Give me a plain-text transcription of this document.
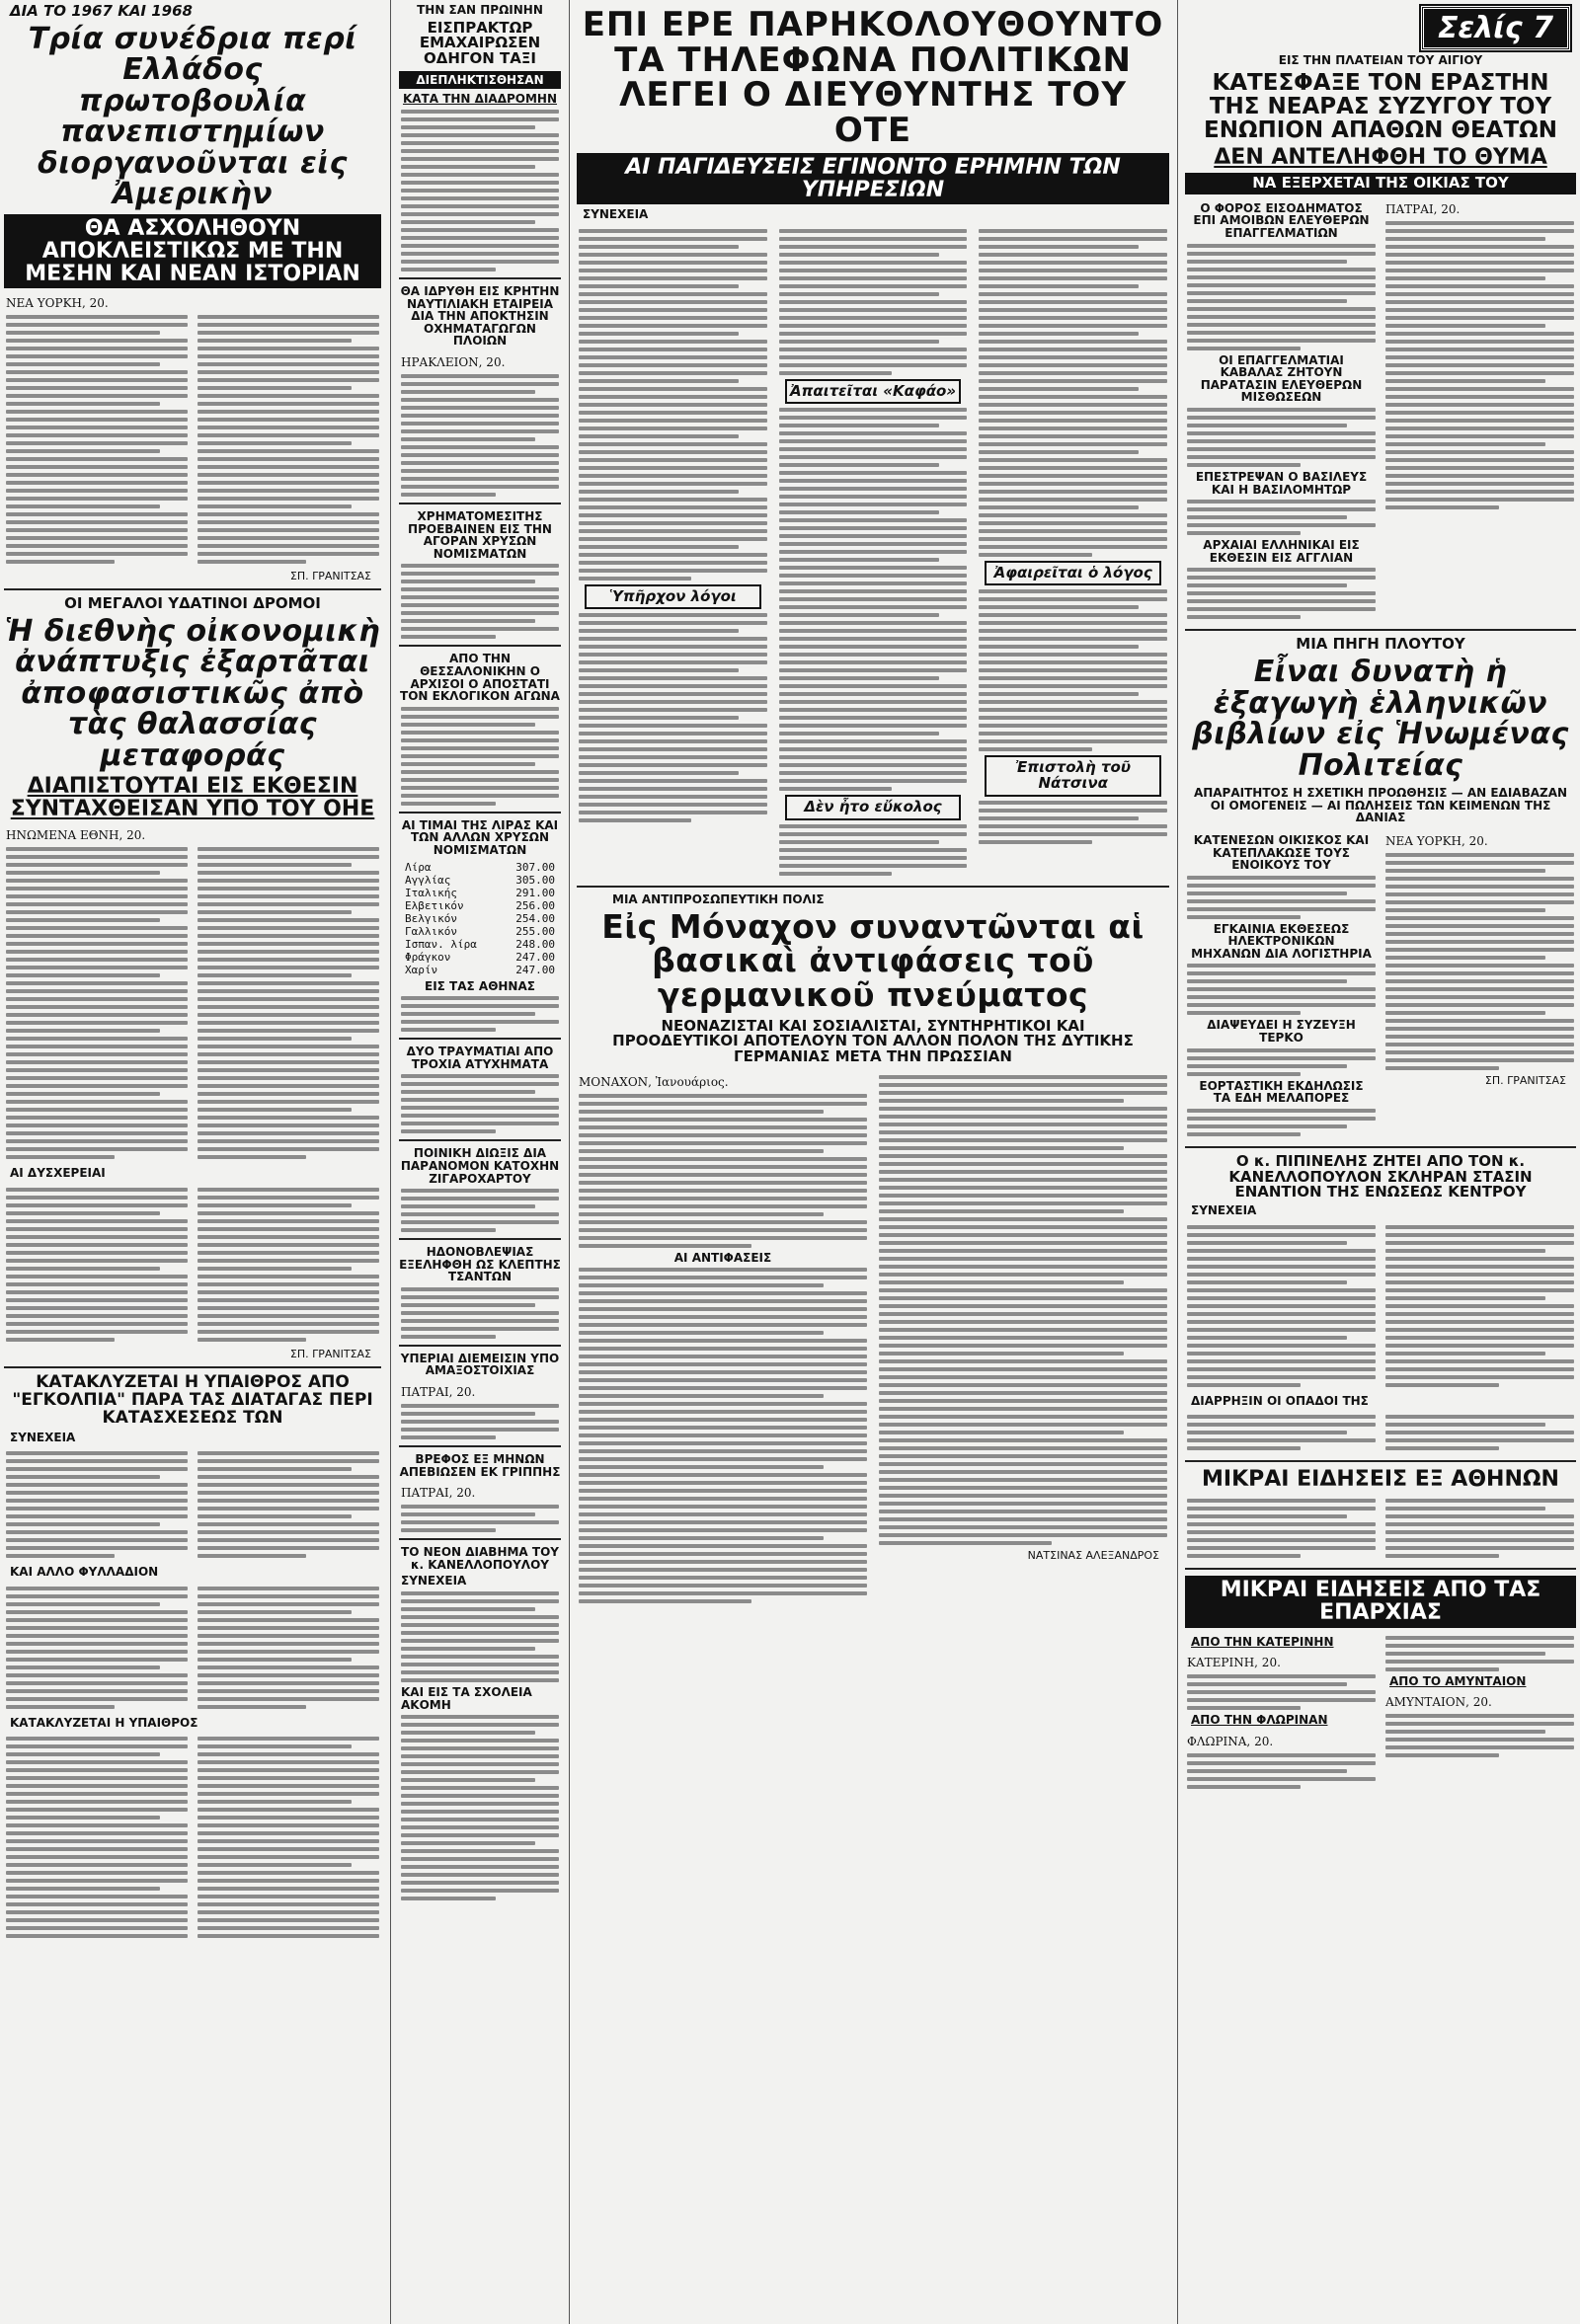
ΔΙΑ ΤΟ 1967 ΚΑΙ 1968
Τρία συνέδρια περί Ελλάδος πρωτοβουλία πανεπιστημίων διοργανοῦνται εἰς Ἀμερικὴν
ΘΑ ΑΣΧΟΛΗΘΟΥΝ ΑΠΟΚΛΕΙΣΤΙΚΩΣ ΜΕ ΤΗΝ ΜΕΣΗΝ ΚΑΙ ΝΕΑΝ ΙΣΤΟΡΙΑΝ
ΝΕΑ ΥΟΡΚΗ, 20.
ΣΠ. ΓΡΑΝΙΤΣΑΣ
ΟΙ ΜΕΓΑΛΟΙ ΥΔΑΤΙΝΟΙ ΔΡΟΜΟΙ
Ἡ διεθνὴς οἰκονομικὴ ἀνάπτυξις ἐξαρτᾶται ἀποφασιστικῶς ἀπὸ τὰς θαλασσίας μεταφοράς
ΔΙΑΠΙΣΤΟΥΤΑΙ ΕΙΣ ΕΚΘΕΣΙΝ ΣΥΝΤΑΧΘΕΙΣΑΝ ΥΠΟ ΤΟΥ ΟΗΕ
ΗΝΩΜΕΝΑ ΕΘΝΗ, 20.
ΑΙ ΔΥΣΧΕΡΕΙΑΙ
ΣΠ. ΓΡΑΝΙΤΣΑΣ
ΚΑΤΑΚΛΥΖΕΤΑΙ Η ΥΠΑΙΘΡΟΣ ΑΠΟ "ΕΓΚΟΛΠΙΑ" ΠΑΡΑ ΤΑΣ ΔΙΑΤΑΓΑΣ ΠΕΡΙ ΚΑΤΑΣΧΕΣΕΩΣ ΤΩΝ
ΣΥΝΕΧΕΙΑ
ΚΑΙ ΑΛΛΟ ΦΥΛΛΑΔΙΟΝ
ΚΑΤΑΚΛΥΖΕΤΑΙ Η ΥΠΑΙΘΡΟΣ
ΤΗΝ ΣΑΝ ΠΡΩΙΝΗΝ
ΕΙΣΠΡΑΚΤΩΡ ΕΜΑΧΑΙΡΩΣΕΝ ΟΔΗΓΟΝ ΤΑΞΙ
ΔΙΕΠΛΗΚΤΙΣΘΗΣΑΝ
ΚΑΤΑ ΤΗΝ ΔΙΑΔΡΟΜΗΝ
ΘΑ ΙΔΡΥΘΗ ΕΙΣ ΚΡΗΤΗΝ ΝΑΥΤΙΛΙΑΚΗ ΕΤΑΙΡΕΙΑ ΔΙΑ ΤΗΝ ΑΠΟΚΤΗΣΙΝ ΟΧΗΜΑΤΑΓΩΓΩΝ ΠΛΟΙΩΝ
ΗΡΑΚΛΕΙΟΝ, 20.
ΧΡΗΜΑΤΟΜΕΣΙΤΗΣ ΠΡΟΕΒΑΙΝΕΝ ΕΙΣ ΤΗΝ ΑΓΟΡΑΝ ΧΡΥΣΩΝ ΝΟΜΙΣΜΑΤΩΝ
ΑΠΟ ΤΗΝ ΘΕΣΣΑΛΟΝΙΚΗΝ Ο ΑΡΧΙΣΟΙ Ο ΑΠΟΣΤΑΤΙ ΤΟΝ ΕΚΛΟΓΙΚΟΝ ΑΓΩΝΑ
ΑΙ ΤΙΜΑΙ ΤΗΣ ΛΙΡΑΣ ΚΑΙ ΤΩΝ ΑΛΛΩΝ ΧΡΥΣΩΝ ΝΟΜΙΣΜΑΤΩΝ
Λίρα	307.00
Αγγλίας	305.00
Ιταλικής	291.00
Ελβετικόν	256.00
Βελγικόν	254.00
Γαλλικόν	255.00
Ισπαν. λίρα	248.00
Φράγκον	247.00
Χαρίν	247.00
ΕΙΣ ΤΑΣ ΑΘΗΝΑΣ
ΔΥΟ ΤΡΑΥΜΑΤΙΑΙ ΑΠΟ ΤΡΟΧΙΑ ΑΤΥΧΗΜΑΤΑ
ΠΟΙΝΙΚΗ ΔΙΩΞΙΣ ΔΙΑ ΠΑΡΑΝΟΜΟΝ ΚΑΤΟΧΗΝ ΖΙΓΑΡΟΧΑΡΤΟΥ
ΗΔΟΝΟΒΛΕΨΙΑΣ ΕΞΕΛΗΦΘΗ ΩΣ ΚΛΕΠΤΗΣ ΤΣΑΝΤΩΝ
ΥΠΕΡΙΑΙ ΔΙΕΜΕΙΣΙΝ ΥΠΟ ΑΜΑΞΟΣΤΟΙΧΙΑΣ
ΠΑΤΡΑΙ, 20.
ΒΡΕΦΟΣ ΕΞ ΜΗΝΩΝ ΑΠΕΒΙΩΣΕΝ ΕΚ ΓΡΙΠΠΗΣ
ΠΑΤΡΑΙ, 20.
ΤΟ ΝΕΟΝ ΔΙΑΒΗΜΑ ΤΟΥ κ. ΚΑΝΕΛΛΟΠΟΥΛΟΥ
ΣΥΝΕΧΕΙΑ
ΚΑΙ ΕΙΣ ΤΑ ΣΧΟΛΕΙΑ ΑΚΟΜΗ
ΕΠΙ ΕΡΕ ΠΑΡΗΚΟΛΟΥΘΟΥΝΤΟ ΤΑ ΤΗΛΕΦΩΝΑ ΠΟΛΙΤΙΚΩΝ ΛΕΓΕΙ Ο ΔΙΕΥΘΥΝΤΗΣ ΤΟΥ ΟΤΕ
ΑΙ ΠΑΓΙΔΕΥΣΕΙΣ ΕΓΙΝΟΝΤΟ ΕΡΗΜΗΝ ΤΩΝ ΥΠΗΡΕΣΙΩΝ
ΣΥΝΕΧΕΙΑ
Ὑπῆρχον λόγοι
Ἀπαιτεῖται «Καφάο»
Δὲν ἦτο εὔκολος
Ἀφαιρεῖται ὁ λόγος
Ἐπιστολὴ τοῦ Νάτσινα
ΜΙΑ ΑΝΤΙΠΡΟΣΩΠΕΥΤΙΚΗ ΠΟΛΙΣ
Εἰς Μόναχον συναντῶνται αἱ βασικαὶ ἀντιφάσεις τοῦ γερμανικοῦ πνεύματος
ΝΕΟΝΑΖΙΣΤΑΙ ΚΑΙ ΣΟΣΙΑΛΙΣΤΑΙ, ΣΥΝΤΗΡΗΤΙΚΟΙ ΚΑΙ ΠΡΟΟΔΕΥΤΙΚΟΙ ΑΠΟΤΕΛΟΥΝ ΤΟΝ ΑΛΛΟΝ ΠΟΛΟΝ ΤΗΣ ΔΥΤΙΚΗΣ ΓΕΡΜΑΝΙΑΣ ΜΕΤΑ ΤΗΝ ΠΡΩΣΣΙΑΝ
ΜΟΝΑΧΟΝ, Ἰανουάριος.
ΑΙ ΑΝΤΙΦΑΣΕΙΣ
ΝΑΤΣΙΝΑΣ ΑΛΕΞΑΝΔΡΟΣ
Σελίς 7
ΕΙΣ ΤΗΝ ΠΛΑΤΕΙΑΝ ΤΟΥ ΑΙΓΙΟΥ
ΚΑΤΕΣΦΑΞΕ ΤΟΝ ΕΡΑΣΤΗΝ ΤΗΣ ΝΕΑΡΑΣ ΣΥΖΥΓΟΥ ΤΟΥ ΕΝΩΠΙΟΝ ΑΠΑΘΩΝ ΘΕΑΤΩΝ
ΔΕΝ ΑΝΤΕΛΗΦΘΗ ΤΟ ΘΥΜΑ
ΝΑ ΕΞΕΡΧΕΤΑΙ ΤΗΣ ΟΙΚΙΑΣ ΤΟΥ
Ο ΦΟΡΟΣ ΕΙΣΟΔΗΜΑΤΟΣ ΕΠΙ ΑΜΟΙΒΩΝ ΕΛΕΥΘΕΡΩΝ ΕΠΑΓΓΕΛΜΑΤΙΩΝ
ΟΙ ΕΠΑΓΓΕΛΜΑΤΙΑΙ ΚΑΒΑΛΑΣ ΖΗΤΟΥΝ ΠΑΡΑΤΑΣΙΝ ΕΛΕΥΘΕΡΩΝ ΜΙΣΘΩΣΕΩΝ
ΕΠΕΣΤΡΕΨΑΝ Ο ΒΑΣΙΛΕΥΣ ΚΑΙ Η ΒΑΣΙΛΟΜΗΤΩΡ
ΑΡΧΑΙΑΙ ΕΛΛΗΝΙΚΑΙ ΕΙΣ ΕΚΘΕΣΙΝ ΕΙΣ ΑΓΓΛΙΑΝ
ΠΑΤΡΑΙ, 20.
ΜΙΑ ΠΗΓΗ ΠΛΟΥΤΟΥ
Εἶναι δυνατὴ ἡ ἐξαγωγὴ ἑλληνικῶν βιβλίων εἰς Ἡνωμένας Πολιτείας
ΑΠΑΡΑΙΤΗΤΟΣ Η ΣΧΕΤΙΚΗ ΠΡΟΩΘΗΣΙΣ — ΑΝ ΕΔΙΑΒΑΖΑΝ ΟΙ ΟΜΟΓΕΝΕΙΣ — ΑΙ ΠΩΛΗΣΕΙΣ ΤΩΝ ΚΕΙΜΕΝΩΝ ΤΗΣ ΔΑΝΙΑΣ
ΚΑΤΕΝΕΣΩΝ ΟΙΚΙΣΚΟΣ ΚΑΙ ΚΑΤΕΠΛΑΚΩΣΕ ΤΟΥΣ ΕΝΟΙΚΟΥΣ ΤΟΥ
ΕΓΚΑΙΝΙΑ ΕΚΘΕΣΕΩΣ ΗΛΕΚΤΡΟΝΙΚΩΝ ΜΗΧΑΝΩΝ ΔΙΑ ΛΟΓΙΣΤΗΡΙΑ
ΔΙΑΨΕΥΔΕΙ Η ΣΥΖΕΥΞΗ ΤΕΡΚΟ
ΕΟΡΤΑΣΤΙΚΗ ΕΚΔΗΛΩΣΙΣ ΤΑ ΕΔΗ ΜΕΛΑΠΟΡΕΣ
ΝΕΑ ΥΟΡΚΗ, 20.
ΣΠ. ΓΡΑΝΙΤΣΑΣ
Ο κ. ΠΙΠΙΝΕΛΗΣ ΖΗΤΕΙ ΑΠΟ ΤΟΝ κ. ΚΑΝΕΛΛΟΠΟΥΛΟΝ ΣΚΛΗΡΑΝ ΣΤΑΣΙΝ ΕΝΑΝΤΙΟΝ ΤΗΣ ΕΝΩΣΕΩΣ ΚΕΝΤΡΟΥ
ΣΥΝΕΧΕΙΑ
ΔΙΑΡΡΗΞΙΝ ΟΙ ΟΠΑΔΟΙ ΤΗΣ
ΜΙΚΡΑΙ ΕΙΔΗΣΕΙΣ ΕΞ ΑΘΗΝΩΝ
ΜΙΚΡΑΙ ΕΙΔΗΣΕΙΣ ΑΠΟ ΤΑΣ ΕΠΑΡΧΙΑΣ
ΑΠΟ ΤΗΝ ΚΑΤΕΡΙΝΗΝ
ΚΑΤΕΡΙΝΗ, 20.
ΑΠΟ ΤΗΝ ΦΛΩΡΙΝΑΝ
ΦΛΩΡΙΝΑ, 20.
ΑΠΟ ΤΟ ΑΜΥΝΤΑΙΟΝ
ΑΜΥΝΤΑΙΟΝ, 20.
